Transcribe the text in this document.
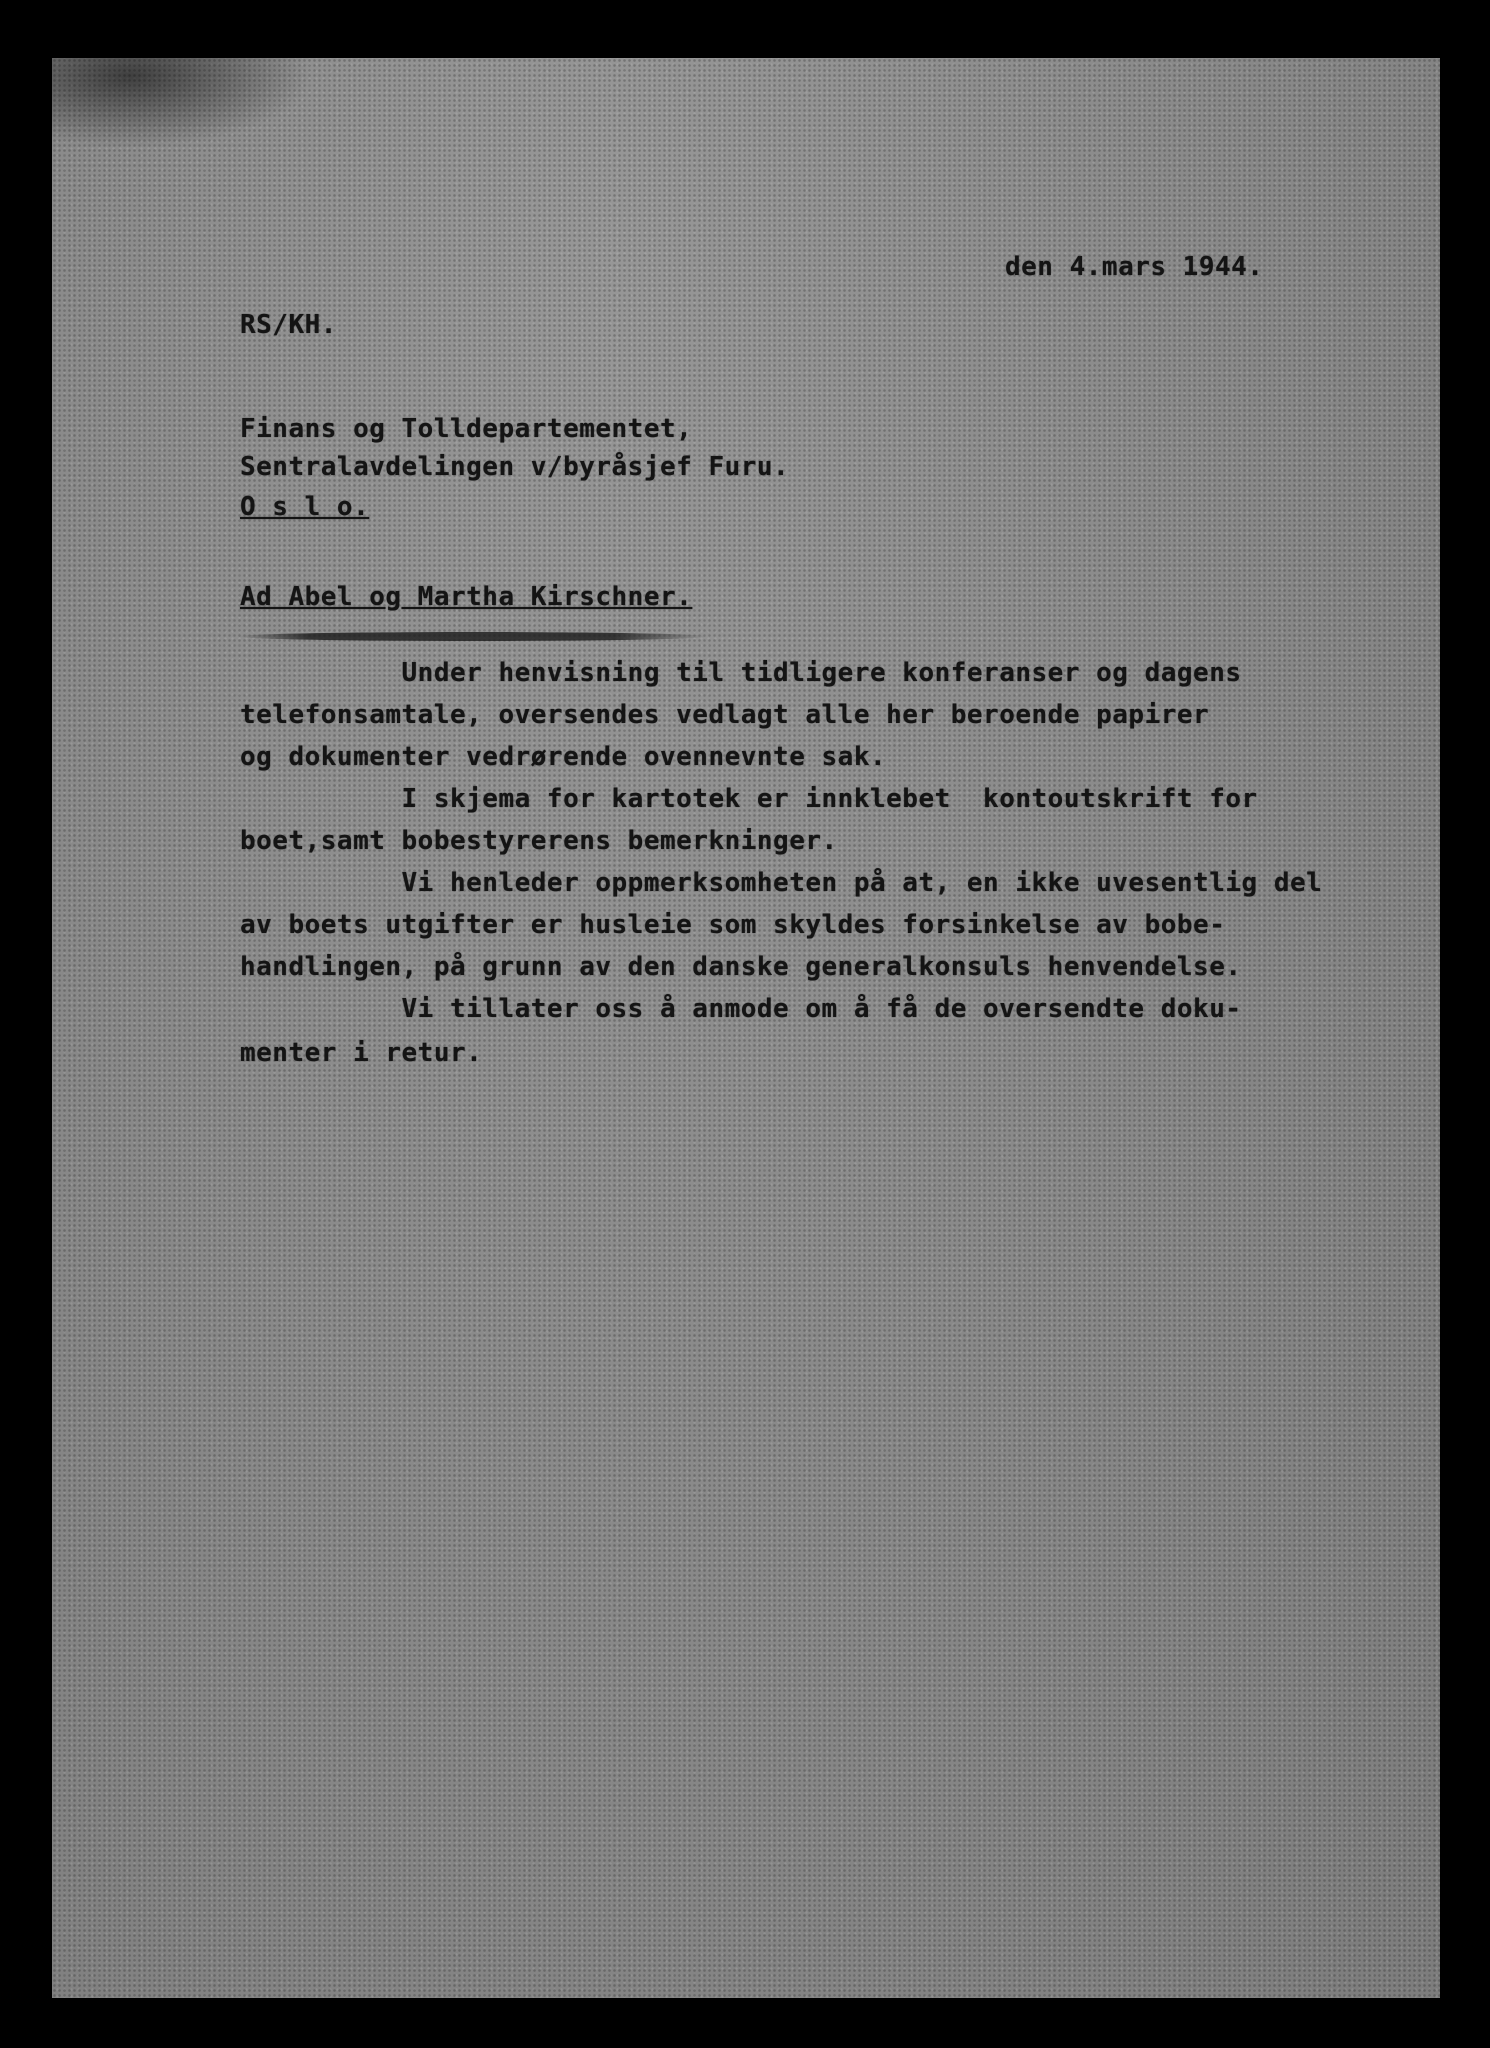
den 4.mars 1944.
RS/KH.
Finans og Tolldepartementet,
Sentralavdelingen v/byråsjef Furu.
O s l o.
Ad Abel og Martha Kirschner.
Under henvisning til tidligere konferanser og dagens
telefonsamtale, oversendes vedlagt alle her beroende papirer
og dokumenter vedrørende ovennevnte sak.
I skjema for kartotek er innklebet  kontoutskrift for
boet,samt bobestyrerens bemerkninger.
Vi henleder oppmerksomheten på at, en ikke uvesentlig del
av boets utgifter er husleie som skyldes forsinkelse av bobe-
handlingen, på grunn av den danske generalkonsuls henvendelse.
Vi tillater oss å anmode om å få de oversendte doku-
menter i retur.
